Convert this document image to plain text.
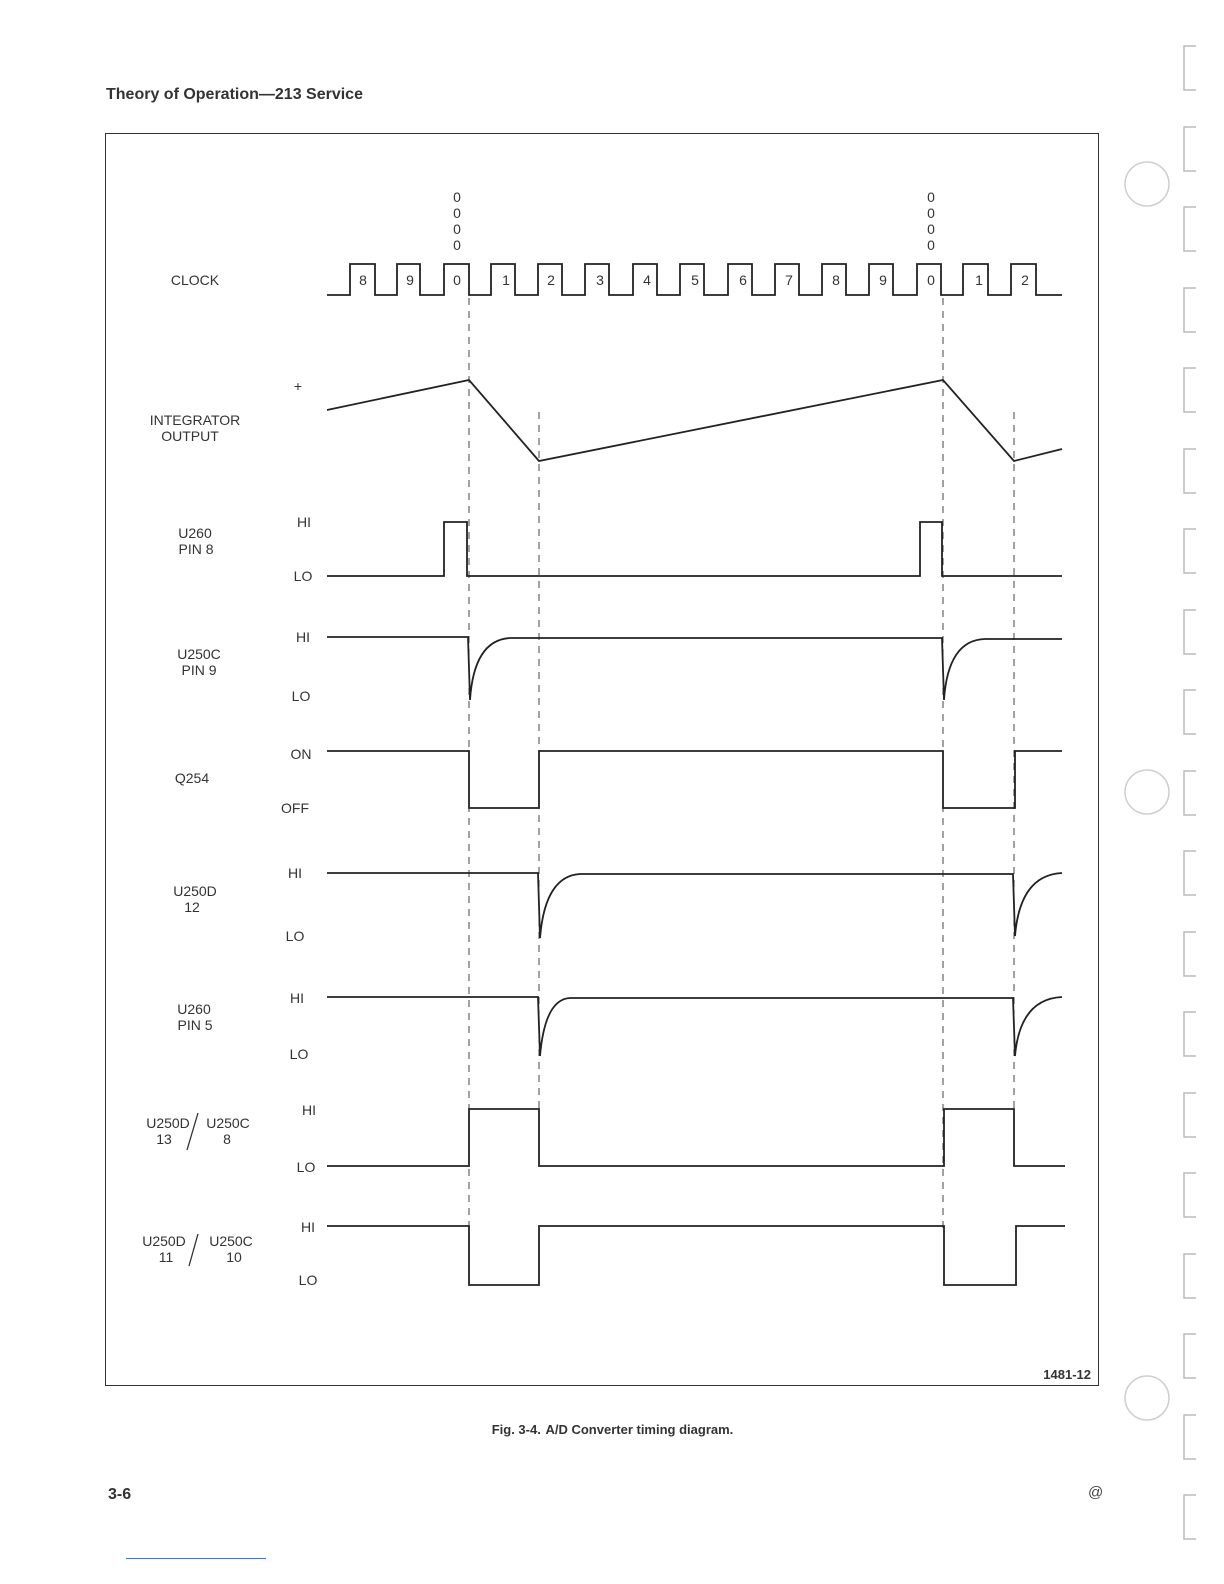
Theory of Operation—213 Service
0
0
0
0
0
0
0
0
CLOCK
INTEGRATOR
OUTPUT
U260
PIN 8
U250C
PIN 9
Q254
U250D
12
U260
PIN 5
U250D
13
U250C
8
U250D
11
U250C
10
+
HI
LO
HI
LO
ON
OFF
HI
LO
HI
LO
HI
LO
HI
LO
8	9	0	1	2	3	4	5	6	7	8	9	0	1	2
1481-12
Fig. 3-4. A/D Converter timing diagram.
3-6	@
